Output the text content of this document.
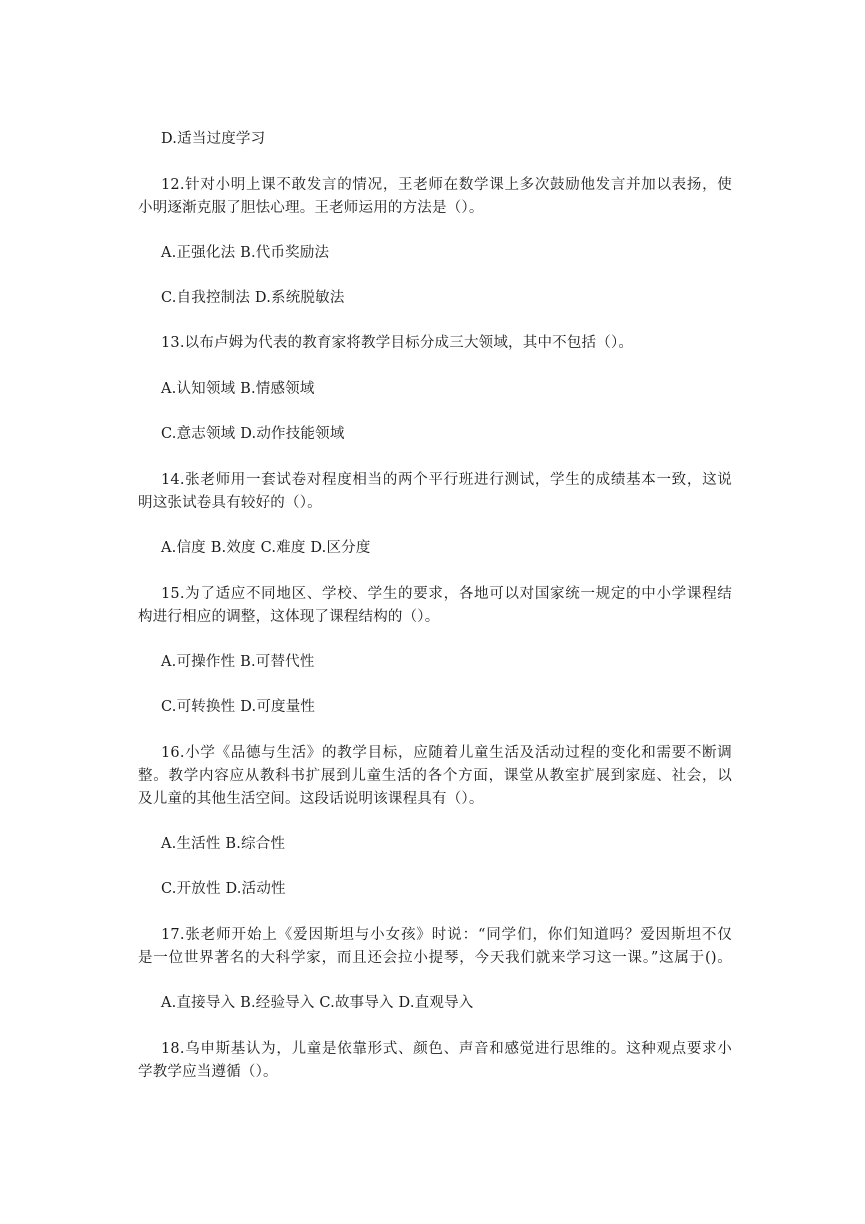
D.适当过度学习
12.针对小明上课不敢发言的情况，王老师在数学课上多次鼓励他发言并加以表扬，使
小明逐渐克服了胆怯心理。王老师运用的方法是（）。
A.正强化法 B.代币奖励法
C.自我控制法 D.系统脱敏法
13.以布卢姆为代表的教育家将教学目标分成三大领域，其中不包括（）。
A.认知领域 B.情感领域
C.意志领域 D.动作技能领域
14.张老师用一套试卷对程度相当的两个平行班进行测试，学生的成绩基本一致，这说
明这张试卷具有较好的（）。
A.信度 B.效度 C.难度 D.区分度
15.为了适应不同地区、学校、学生的要求，各地可以对国家统一规定的中小学课程结
构进行相应的调整，这体现了课程结构的（）。
A.可操作性 B.可替代性
C.可转换性 D.可度量性
16.小学《品德与生活》的教学目标，应随着儿童生活及活动过程的变化和需要不断调
整。教学内容应从教科书扩展到儿童生活的各个方面，课堂从教室扩展到家庭、社会，以
及儿童的其他生活空间。这段话说明该课程具有（）。
A.生活性 B.综合性
C.开放性 D.活动性
17.张老师开始上《爱因斯坦与小女孩》时说：“同学们，你们知道吗？爱因斯坦不仅
是一位世界著名的大科学家，而且还会拉小提琴，今天我们就来学习这一课。”这属于()。
A.直接导入 B.经验导入 C.故事导入 D.直观导入
18.乌申斯基认为，儿童是依靠形式、颜色、声音和感觉进行思维的。这种观点要求小
学教学应当遵循（）。
